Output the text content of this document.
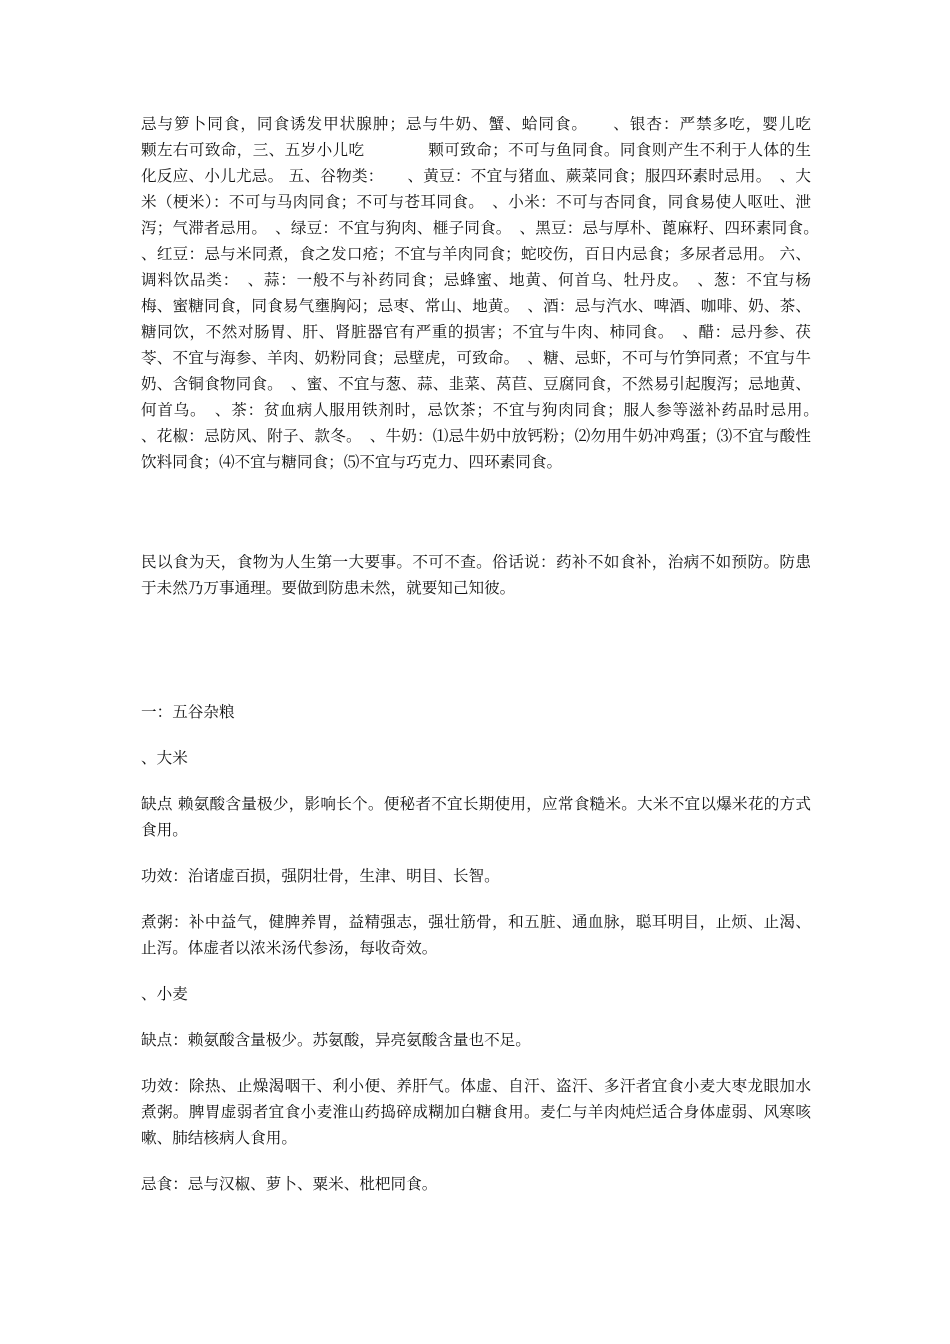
忌与箩卜同食，同食诱发甲状腺肿；忌与牛奶、蟹、蛤同食。　　、银杏：严禁多吃，婴儿吃　　颗左右可致命，三、五岁小儿吃　　　　颗可致命；不可与鱼同食。同食则产生不利于人体的生化反应、小儿尤忌。 五、谷物类：　　、黄豆：不宜与猪血、蕨菜同食；服四环素时忌用。　、大米（梗米）：不可与马肉同食；不可与苍耳同食。　、小米：不可与杏同食，同食易使人呕吐、泄泻；气滞者忌用。　、绿豆：不宜与狗肉、榧子同食。　、黑豆：忌与厚朴、蓖麻籽、四环素同食。　、红豆：忌与米同煮，食之发口疮；不宜与羊肉同食；蛇咬伤，百日内忌食；多尿者忌用。 六、调料饮品类：　、蒜：一般不与补药同食；忌蜂蜜、地黄、何首乌、牡丹皮。　、葱：不宜与杨梅、蜜糖同食，同食易气壅胸闷；忌枣、常山、地黄。　、酒：忌与汽水、啤酒、咖啡、奶、茶、糖同饮，不然对肠胃、肝、肾脏器官有严重的损害；不宜与牛肉、柿同食。　、醋：忌丹参、茯苓、不宜与海参、羊肉、奶粉同食；忌壁虎，可致命。　、糖、忌虾，不可与竹笋同煮；不宜与牛奶、含铜食物同食。　、蜜、不宜与葱、蒜、韭菜、莴苣、豆腐同食，不然易引起腹泻；忌地黄、何首乌。　、茶：贫血病人服用铁剂时，忌饮茶；不宜与狗肉同食；服人参等滋补药品时忌用。　、花椒：忌防风、附子、款冬。　、牛奶：⑴忌牛奶中放钙粉；⑵勿用牛奶冲鸡蛋；⑶不宜与酸性饮料同食；⑷不宜与糖同食；⑸不宜与巧克力、四环素同食。

民以食为天，食物为人生第一大要事。不可不查。俗话说：药补不如食补，治病不如预防。防患于未然乃万事通理。要做到防患未然，就要知己知彼。

一：五谷杂粮

、大米

缺点 赖氨酸含量极少，影响长个。便秘者不宜长期使用，应常食糙米。大米不宜以爆米花的方式食用。

功效：治诸虚百损，强阴壮骨，生津、明目、长智。

煮粥：补中益气，健脾养胃，益精强志，强壮筋骨，和五脏、通血脉，聪耳明目，止烦、止渴、止泻。体虚者以浓米汤代参汤，每收奇效。

、小麦

缺点：赖氨酸含量极少。苏氨酸，异亮氨酸含量也不足。

功效：除热、止燥渴咽干、利小便、养肝气。体虚、自汗、盗汗、多汗者宜食小麦大枣龙眼加水煮粥。脾胃虚弱者宜食小麦淮山药捣碎成糊加白糖食用。麦仁与羊肉炖烂适合身体虚弱、风寒咳嗽、肺结核病人食用。

忌食：忌与汉椒、萝卜、粟米、枇杷同食。
